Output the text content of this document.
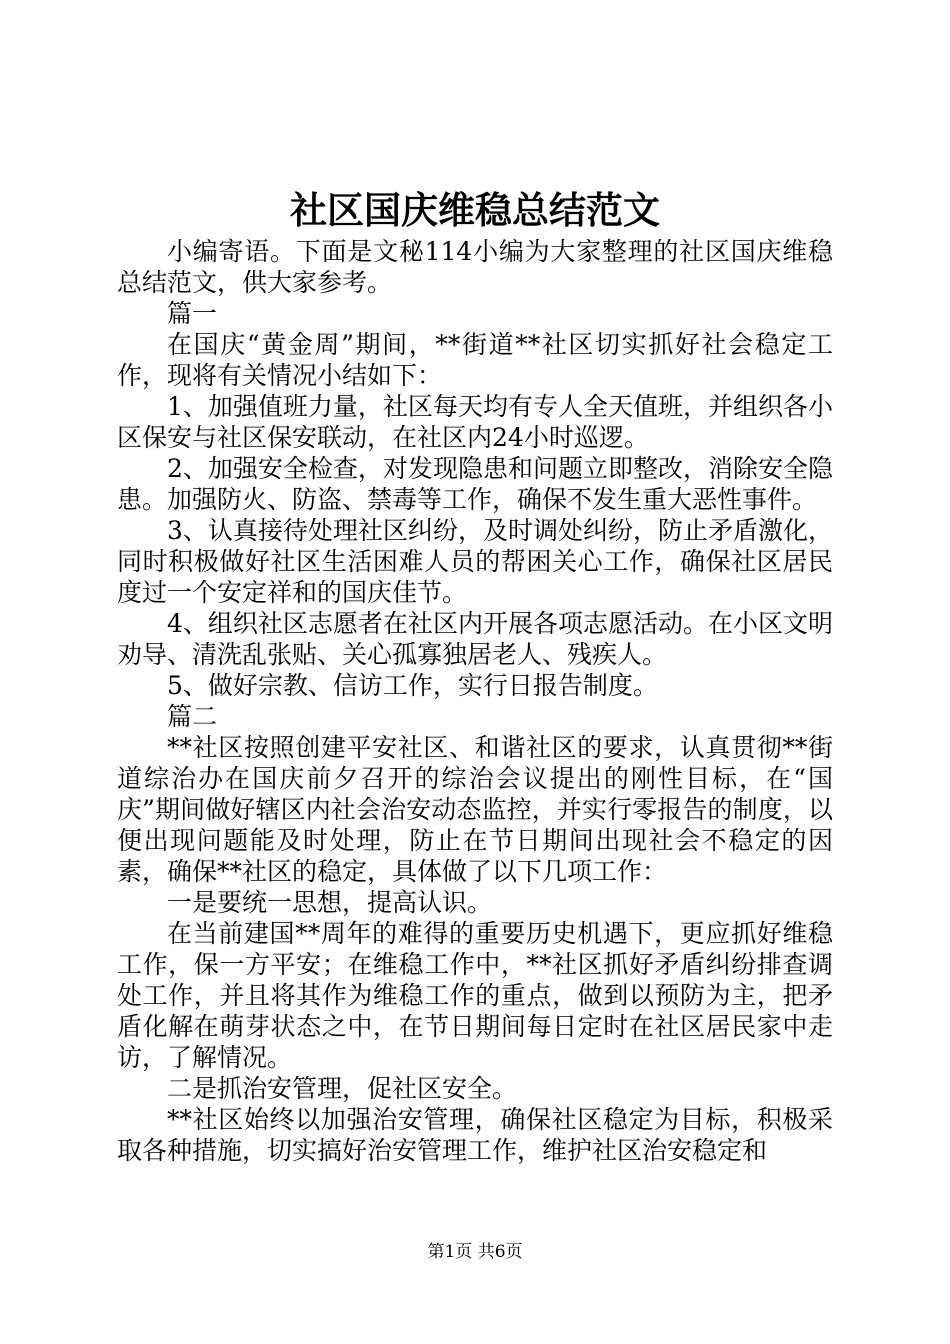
社区国庆维稳总结范文

小编寄语。下面是文秘114小编为大家整理的社区国庆维稳总结范文，供大家参考。

篇一

在国庆“黄金周”期间，**街道**社区切实抓好社会稳定工作，现将有关情况小结如下：

1、加强值班力量，社区每天均有专人全天值班，并组织各小区保安与社区保安联动，在社区内24小时巡逻。

2、加强安全检查，对发现隐患和问题立即整改，消除安全隐患。加强防火、防盗、禁毒等工作，确保不发生重大恶性事件。

3、认真接待处理社区纠纷，及时调处纠纷，防止矛盾激化，同时积极做好社区生活困难人员的帮困关心工作，确保社区居民度过一个安定祥和的国庆佳节。

4、组织社区志愿者在社区内开展各项志愿活动。在小区文明劝导、清洗乱张贴、关心孤寡独居老人、残疾人。

5、做好宗教、信访工作，实行日报告制度。

篇二

**社区按照创建平安社区、和谐社区的要求，认真贯彻**街道综治办在国庆前夕召开的综治会议提出的刚性目标，在“国庆”期间做好辖区内社会治安动态监控，并实行零报告的制度，以便出现问题能及时处理，防止在节日期间出现社会不稳定的因素，确保**社区的稳定，具体做了以下几项工作：

一是要统一思想，提高认识。

在当前建国**周年的难得的重要历史机遇下，更应抓好维稳工作，保一方平安；在维稳工作中，**社区抓好矛盾纠纷排查调处工作，并且将其作为维稳工作的重点，做到以预防为主，把矛盾化解在萌芽状态之中，在节日期间每日定时在社区居民家中走访，了解情况。

二是抓治安管理，促社区安全。

**社区始终以加强治安管理，确保社区稳定为目标，积极采取各种措施，切实搞好治安管理工作，维护社区治安稳定和

第1页 共6页
